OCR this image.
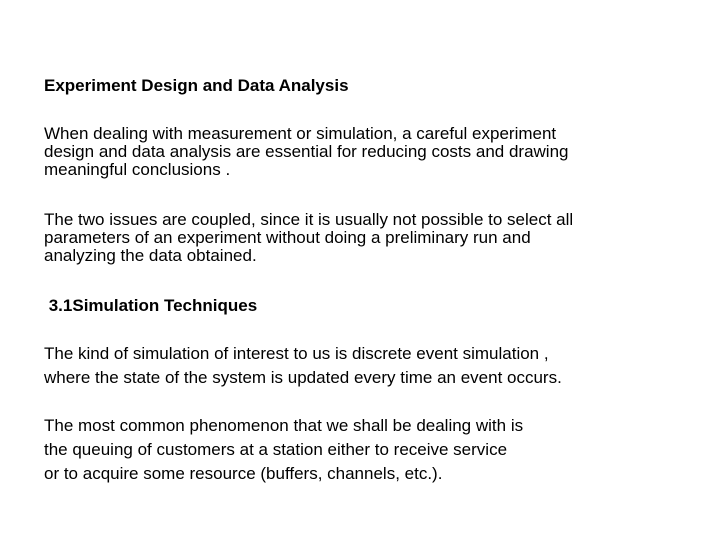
Experiment Design and Data Analysis
When dealing with measurement or simulation, a careful experiment
design and data analysis are essential for reducing costs and drawing
meaningful conclusions .
The two issues are coupled, since it is usually not possible to select all
parameters of an experiment without doing a preliminary run and
analyzing the data obtained.
3.1Simulation Techniques
The kind of simulation of interest to us is discrete event simulation ,
where the state of the system is updated every time an event occurs.
The most common phenomenon that we shall be dealing with is
the queuing of customers at a station either to receive service
or to acquire some resource (buffers, channels, etc.).
